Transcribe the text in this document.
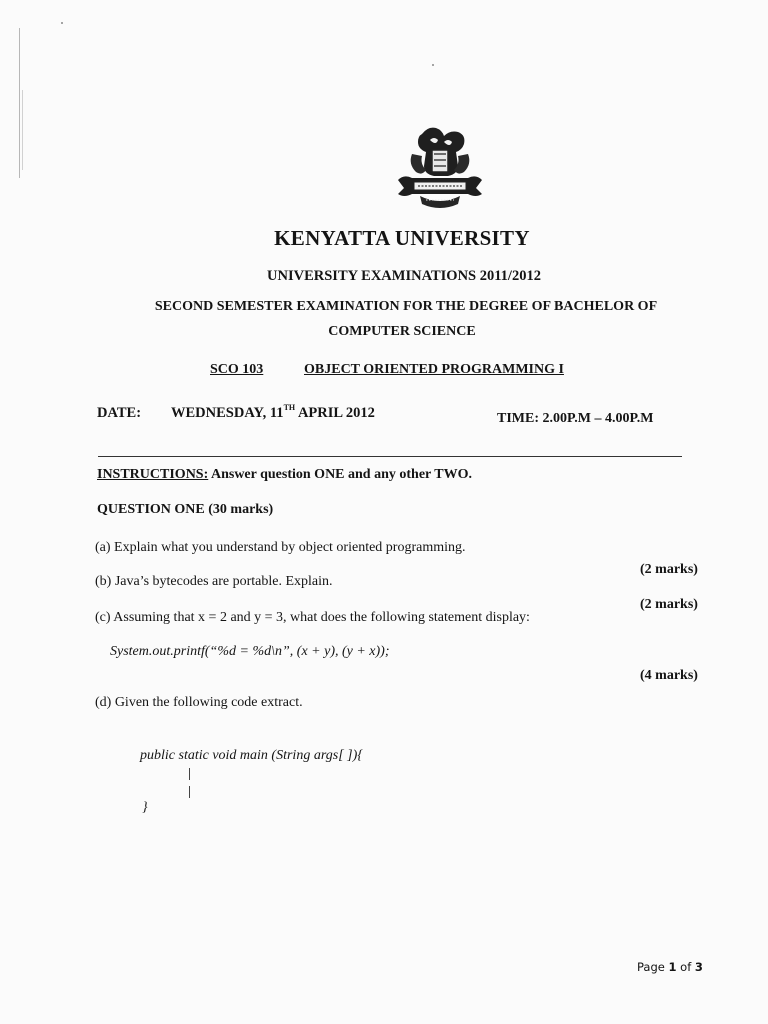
KENYATTA UNIVERSITY
UNIVERSITY EXAMINATIONS 2011/2012
SECOND SEMESTER EXAMINATION FOR THE DEGREE OF BACHELOR OF
COMPUTER SCIENCE
SCO 103	OBJECT ORIENTED PROGRAMMING I
DATE: WEDNESDAY, 11TH APRIL 2012	TIME: 2.00P.M – 4.00P.M
INSTRUCTIONS: Answer question ONE and any other TWO.
QUESTION ONE (30 marks)
(a) Explain what you understand by object oriented programming.
(2 marks)
(b) Java’s bytecodes are portable. Explain.
(2 marks)
(c) Assuming that x = 2 and y = 3, what does the following statement display:
System.out.printf(“%d = %d\n”, (x + y), (y + x));
(4 marks)
(d) Given the following code extract.
public static void main (String args[ ]){
}
Page 1 of 3
